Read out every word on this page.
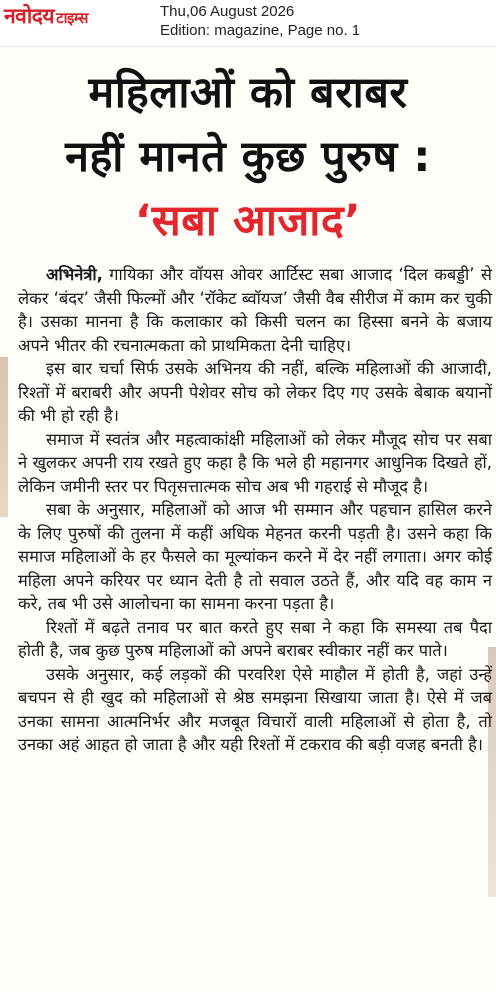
नवोदय टाइम्स	Thu,06 August 2026
Edition: magazine, Page no. 1
महिलाओं को बराबर
नहीं मानते कुछ पुरुष :
‘सबा आजाद’

अभिनेत्री, गायिका और वॉयस ओवर आर्टिस्ट सबा आजाद ‘दिल कबड्डी’ से लेकर ‘बंदर’ जैसी फिल्मों और ‘रॉकेट ब्वॉयज’ जैसी वैब सीरीज में काम कर चुकी है। उसका मानना है कि कलाकार को किसी चलन का हिस्सा बनने के बजाय अपने भीतर की रचनात्मकता को प्राथमिकता देनी चाहिए।

इस बार चर्चा सिर्फ उसके अभिनय की नहीं, बल्कि महिलाओं की आजादी, रिश्तों में बराबरी और अपनी पेशेवर सोच को लेकर दिए गए उसके बेबाक बयानों की भी हो रही है।

समाज में स्वतंत्र और महत्वाकांक्षी महिलाओं को लेकर मौजूद सोच पर सबा ने खुलकर अपनी राय रखते हुए कहा है कि भले ही महानगर आधुनिक दिखते हों, लेकिन जमीनी स्तर पर पितृसत्तात्मक सोच अब भी गहराई से मौजूद है।

सबा के अनुसार, महिलाओं को आज भी सम्मान और पहचान हासिल करने के लिए पुरुषों की तुलना में कहीं अधिक मेहनत करनी पड़ती है। उसने कहा कि समाज महिलाओं के हर फैसले का मूल्यांकन करने में देर नहीं लगाता। अगर कोई महिला अपने करियर पर ध्यान देती है तो सवाल उठते हैं, और यदि वह काम न करे, तब भी उसे आलोचना का सामना करना पड़ता है।

रिश्तों में बढ़ते तनाव पर बात करते हुए सबा ने कहा कि समस्या तब पैदा होती है, जब कुछ पुरुष महिलाओं को अपने बराबर स्वीकार नहीं कर पाते।

उसके अनुसार, कई लड़कों की परवरिश ऐसे माहौल में होती है, जहां उन्हें बचपन से ही खुद को महिलाओं से श्रेष्ठ समझना सिखाया जाता है। ऐसे में जब उनका सामना आत्मनिर्भर और मजबूत विचारों वाली महिलाओं से होता है, तो उनका अहं आहत हो जाता है और यही रिश्तों में टकराव की बड़ी वजह बनती है।
